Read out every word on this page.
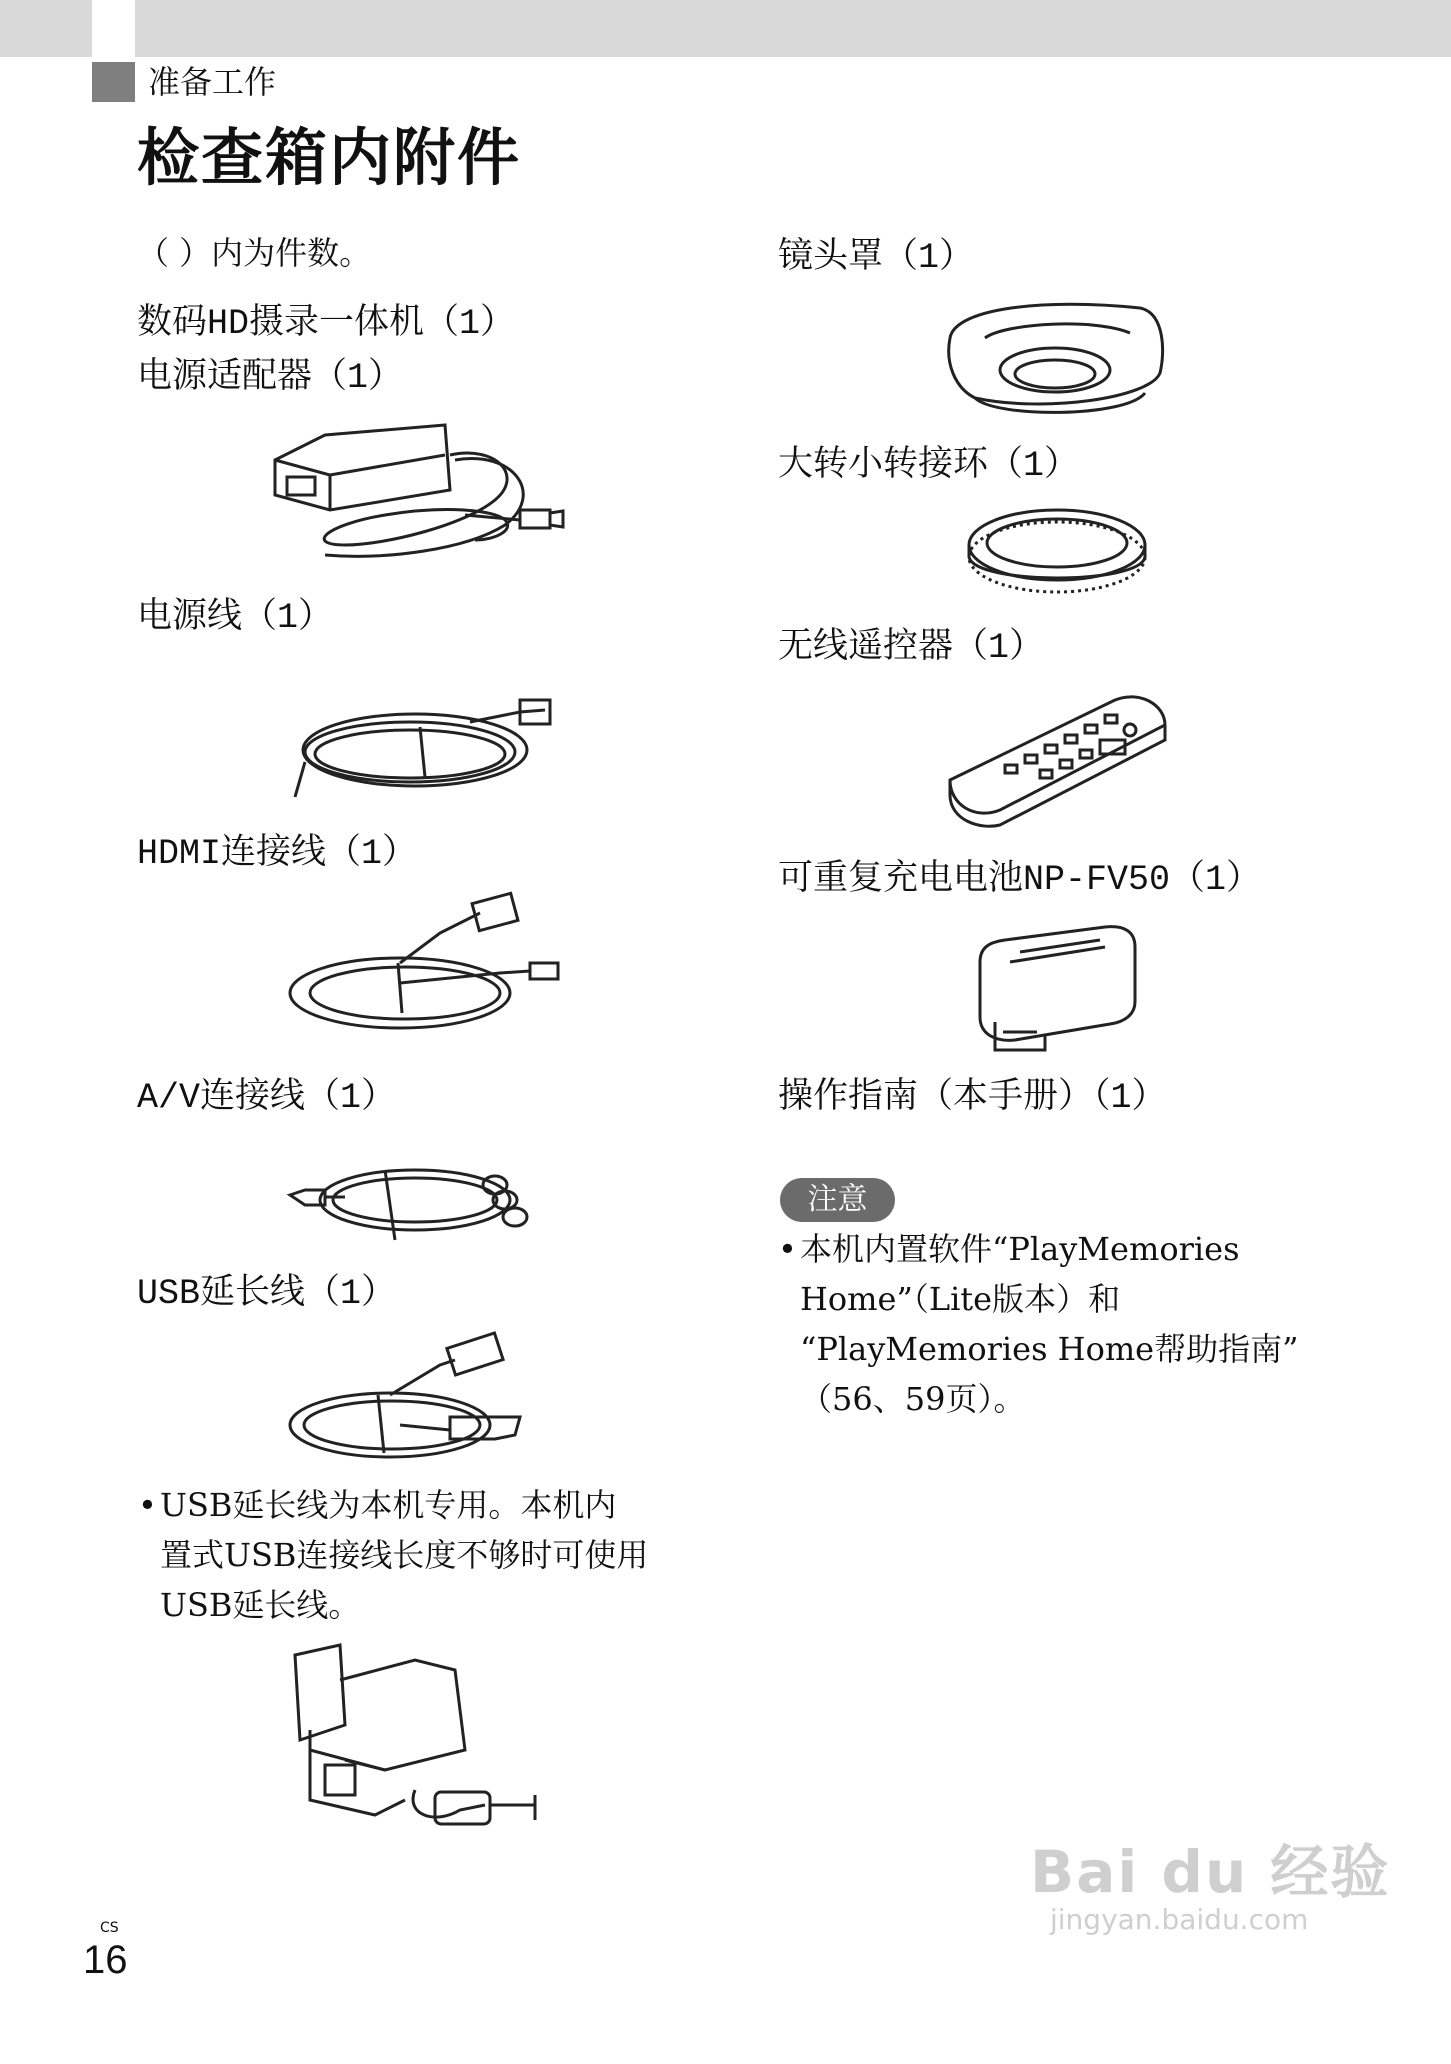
准备工作
检查箱内附件
（ ）内为件数。
数码HD摄录一体机（1）
电源适配器（1）
电源线（1）
HDMI连接线（1）
A/V连接线（1）
USB延长线（1）
• USB延长线为本机专用。本机内
置式USB连接线长度不够时可使用
USB延长线。
镜头罩（1）
大转小转接环（1）
无线遥控器（1）
可重复充电电池NP-FV50（1）
操作指南（本手册）（1）
注意
• 本机内置软件“PlayMemories
Home”（Lite版本）和
“PlayMemories Home帮助指南”
（56、59页）。
CS
16
Bai du 经验
jingyan.baidu.com
